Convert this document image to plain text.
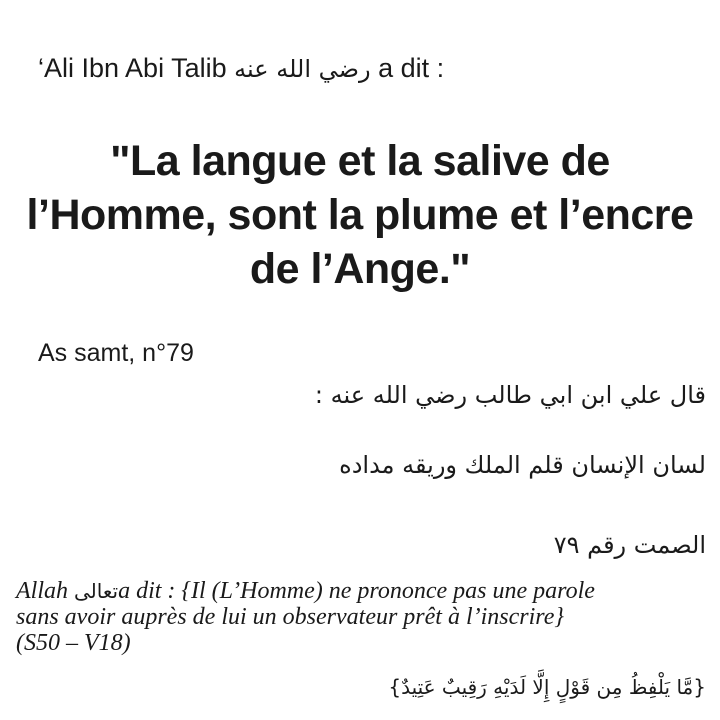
‘Ali Ibn Abi Talib رضي الله عنه a dit :
"La langue et la salive de
l’Homme, sont la plume et l’encre
de l’Ange."
As samt, n°79
قال علي ابن ابي طالب رضي الله عنه :
لسان الإنسان قلم الملك وريقه مداده
الصمت رقم ٧٩
Allah تعالىa dit : {Il (L’Homme) ne prononce pas une parole
sans avoir auprès de lui un observateur prêt à l’inscrire}
(S50 – V18)
{مَّا يَلْفِظُ مِن قَوْلٍ إِلَّا لَدَيْهِ رَقِيبٌ عَتِيدٌ}
